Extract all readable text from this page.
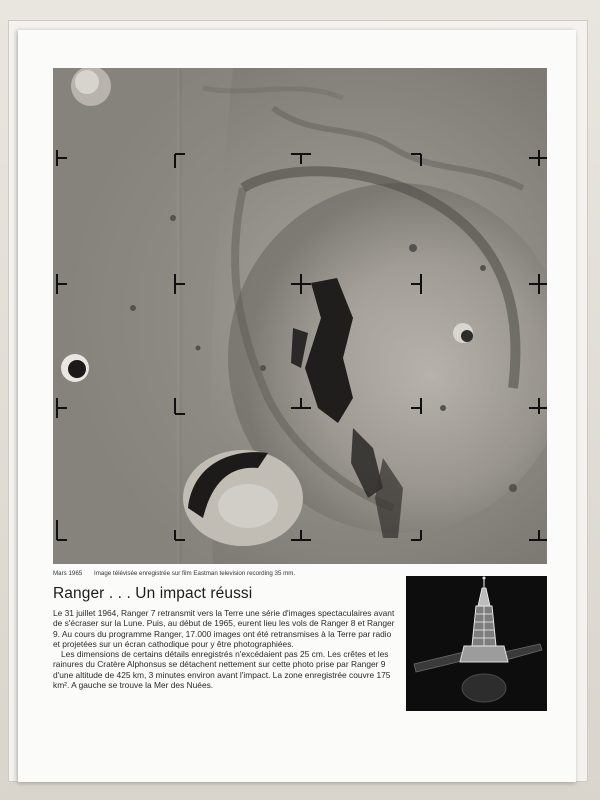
Mars 1965 Image télévisée enregistrée sur film Eastman television recording 35 mm.
Ranger . . . Un impact réussi

Le 31 juillet 1964, Ranger 7 retransmit vers la Terre une série d'images spectaculaires avant de s'écraser sur la Lune. Puis, au début de 1965, eurent lieu les vols de Ranger 8 et Ranger 9. Au cours du programme Ranger, 17.000 images ont été retransmises à la Terre par radio et projetées sur un écran cathodique pour y être photographiées.

Les dimensions de certains détails enregistrés n'excédaient pas 25 cm. Les crêtes et les rainures du Cratère Alphonsus se détachent nettement sur cette photo prise par Ranger 9 d'une altitude de 425 km, 3 minutes environ avant l'impact. La zone enregistrée couvre 175 km². A gauche se trouve la Mer des Nuées.
